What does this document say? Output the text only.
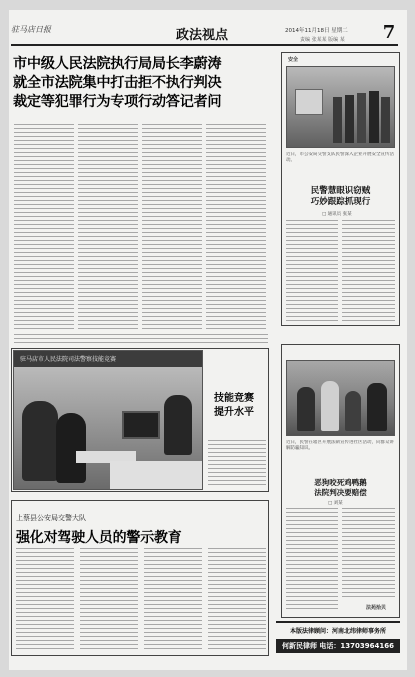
驻马店日报	政法视点	2014年11月18日 星期二
责编 张某某 版编 某 7
市中级人民法院执行局局长李蔚涛
就全市法院集中打击拒不执行判决
裁定等犯罪行为专项行动答记者问
安全
近日，市公安局交警支队民警深入企业开展安全宣传活动。
民警慧眼识窃贼
巧妙跟踪抓现行
□ 通讯员 张某
驻马店市人民法院司法警察技能竞赛
技能竞赛
提升水平
近日，民警在辖区开展法制宣传进社区活动，向群众讲解防骗知识。
恶狗咬死鸡鸭鹅
法院判决要赔偿
□ 刘某
法苑拾贝
上蔡县公安局交警大队
强化对驾驶人员的警示教育
本版法律顾问：河南北纬律师事务所
何新民律师 电话：13703964166
